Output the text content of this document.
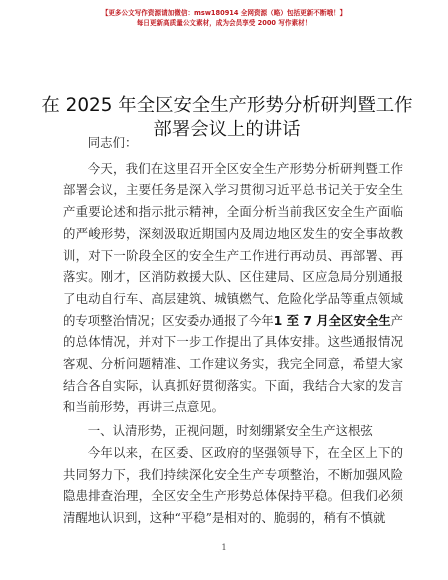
【更多公文写作资源请加微信：msw180914 全网资源（略）包括更新不断哦！】
每日更新高质量公文素材，成为会员享受 2000 写作素材！
在 2025 年全区安全生产形势分析研判暨工作部署会议上的讲话

同志们：

今天，我们在这里召开全区安全生产形势分析研判暨工作部署会议，主要任务是深入学习贯彻习近平总书记关于安全生产重要论述和指示批示精神，全面分析当前我区安全生产面临的严峻形势，深刻汲取近期国内及周边地区发生的安全事故教训，对下一阶段全区的安全生产工作进行再动员、再部署、再落实。刚才，区消防救援大队、区住建局、区应急局分别通报了电动自行车、高层建筑、城镇燃气、危险化学品等重点领域的专项整治情况；区安委办通报了今年1 至 7 月全区安全生产的总体情况，并对下一步工作提出了具体安排。这些通报情况客观、分析问题精准、工作建议务实，我完全同意，希望大家结合各自实际，认真抓好贯彻落实。下面，我结合大家的发言和当前形势，再讲三点意见。

一、认清形势，正视问题，时刻绷紧安全生产这根弦

今年以来，在区委、区政府的坚强领导下，在全区上下的共同努力下，我们持续深化安全生产专项整治，不断加强风险隐患排查治理，全区安全生产形势总体保持平稳。但我们必须清醒地认识到，这种“平稳”是相对的、脆弱的，稍有不慎就

1
